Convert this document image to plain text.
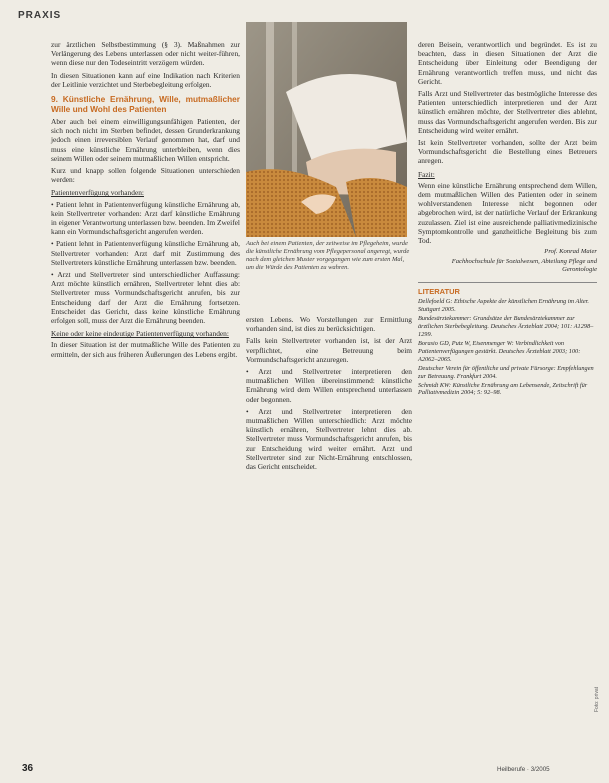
PRAXIS

zur ärztlichen Selbstbestimmung (§ 3). Maßnahmen zur Verlängerung des Lebens unterlassen oder nicht weiter-führen, wenn diese nur den Todeseintritt verzögern würden.

In diesen Situationen kann auf eine Indikation nach Kriterien der Leitlinie verzichtet und Sterbebegleitung erfolgen.

9. Künstliche Ernährung, Wille, mutmaßlicher Wille und Wohl des Patienten

Aber auch bei einem einwilligungsunfähigen Patienten, der sich noch nicht im Sterben befindet, dessen Grunderkrankung jedoch einen irreversiblen Verlauf genommen hat, darf und muss eine künstliche Ernährung unterbleiben, wenn dies seinem Willen oder seinem mutmaßlichen Willen entspricht.

Kurz und knapp sollen folgende Situationen unterschieden werden:

Patientenverfügung vorhanden:

• Patient lehnt in Patientenverfügung künstliche Ernährung ab, kein Stellvertreter vorhanden: Arzt darf künstliche Ernährung in eigener Verantwortung unterlassen bzw. beenden. Im Zweifel kann ein Vormundschaftsgericht angerufen werden.

• Patient lehnt in Patientenverfügung künstliche Ernährung ab, Stellvertreter vorhanden: Arzt darf mit Zustimmung des Stellvertreters künstliche Ernährung unterlassen bzw. beenden.

• Arzt und Stellvertreter sind unterschiedlicher Auffassung: Arzt möchte künstlich ernähren, Stellvertreter lehnt dies ab: Stellvertreter muss Vormundschaftsgericht anrufen, bis zur Entscheidung darf der Arzt die Ernährung fortsetzen. Entscheidet das Gericht, dass keine künstliche Ernährung erfolgen soll, muss der Arzt die Ernährung beenden.

Keine oder keine eindeutige Patientenverfügung vorhanden:

In dieser Situation ist der mutmaßliche Wille des Patienten zu ermitteln, der sich aus früheren Äußerungen des Lebens ergibt.

Auch bei einem Patienten, der zeitweise im Pflegeheim, wurde die künstliche Ernährung vom Pflegepersonal angeregt, wurde nach dem gleichen Muster vorgegangen wie zum ersten Mal, um die Würde des Patienten zu wahren.

ersten Lebens. Wo Vorstellungen zur Ermittlung vorhanden sind, ist dies zu berücksichtigen.

Falls kein Stellvertreter vorhanden ist, ist der Arzt verpflichtet, eine Betreuung beim Vormundschaftsgericht anzuregen.

• Arzt und Stellvertreter interpretieren den mutmaßlichen Willen übereinstimmend: künstliche Ernährung wird dem Willen entsprechend unterlassen oder begonnen.

• Arzt und Stellvertreter interpretieren den mutmaßlichen Willen unterschiedlich: Arzt möchte künstlich ernähren, Stellvertreter lehnt dies ab. Stellvertreter muss Vormundschaftsgericht anrufen, bis zur Entscheidung wird weiter ernährt. Arzt und Stellvertreter sind zur Nicht-Ernährung entschlossen, das Gericht entscheidet.

deren Beisein, verantwortlich und begründet. Es ist zu beachten, dass in diesen Situationen der Arzt die Entscheidung über Einleitung oder Beendigung der Ernährung verantwortlich treffen muss, und nicht das Gericht.

Falls Arzt und Stellvertreter das bestmögliche Interesse des Patienten unterschiedlich interpretieren und der Arzt künstlich ernähren möchte, der Stellvertreter dies ablehnt, muss das Vormundschaftsgericht angerufen werden. Bis zur Entscheidung wird weiter ernährt.

Ist kein Stellvertreter vorhanden, sollte der Arzt beim Vormundschaftsgericht die Bestellung eines Betreuers anregen.

Fazit:

Wenn eine künstliche Ernährung entsprechend dem Willen, dem mutmaßlichen Willen des Patienten oder in seinem wohlverstandenen Interesse nicht begonnen oder abgebrochen wird, ist der natürliche Verlauf der Erkrankung zuzulassen. Ziel ist eine ausreichende palliativmedizinische Symptomkontrolle und ganzheitliche Begleitung bis zum Tod.

Prof. Konrad Maier
Fachhochschule für Sozialwesen, Abteilung Pflege und Gerontologie
LITERATUR

Dellefoeld G: Ethische Aspekte der künstlichen Ernährung im Alter. Stuttgart 2005.

Bundesärztekammer: Grundsätze der Bundesärztekammer zur ärztlichen Sterbebegleitung. Deutsches Ärzteblatt 2004; 101: A1298–1299.

Borasio GD, Putz W, Eisenmenger W: Verbindlichkeit von Patientenverfügungen gestärkt. Deutsches Ärzteblatt 2003; 100: A2062–2065.

Deutscher Verein für öffentliche und private Fürsorge: Empfehlungen zur Betreuung. Frankfurt 2004.

Schmidt KW: Künstliche Ernährung am Lebensende, Zeitschrift für Palliativmedizin 2004; 5: 92–98.

Foto: privat
36	Heilberufe · 3/2005
